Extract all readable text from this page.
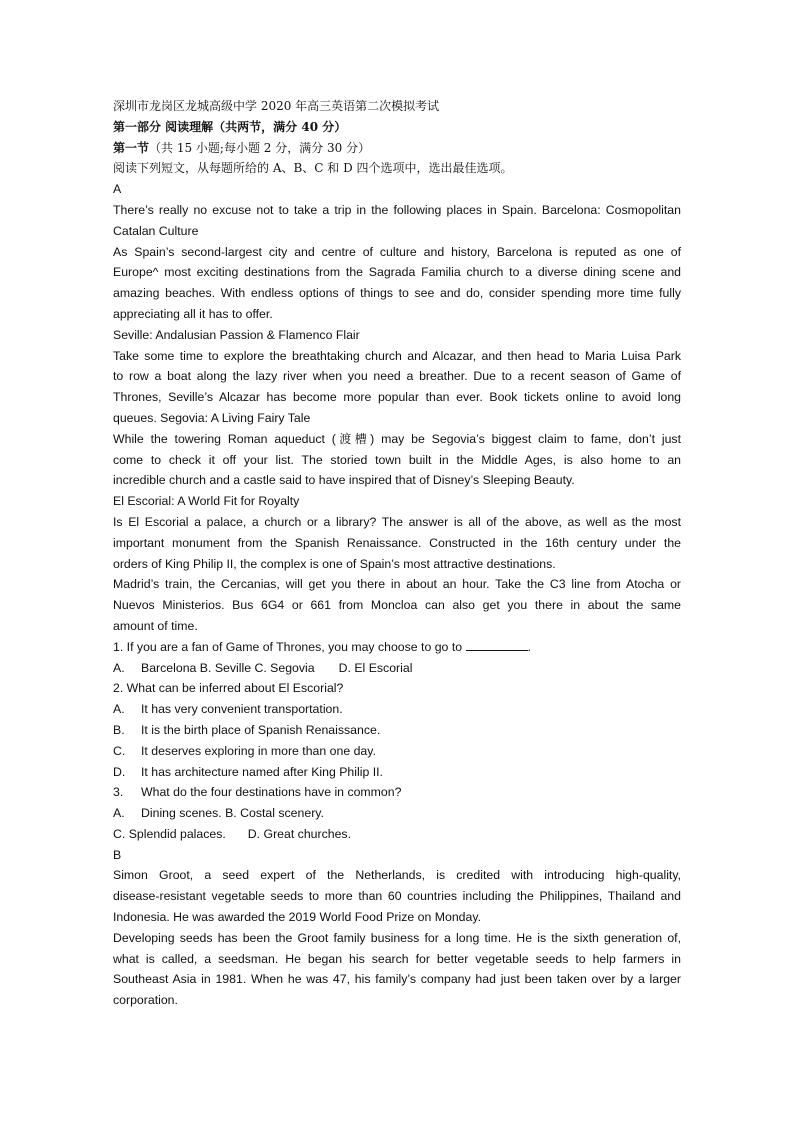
深圳市龙岗区龙城高级中学 2020 年高三英语第二次模拟考试
第一部分 阅读理解（共两节，满分 40 分）
第一节（共 15 小题;每小题 2 分，满分 30 分）
阅读下列短文，从每题所给的 A、B、C 和 D 四个选项中，选出最佳选项。
A
There’s really no excuse not to take a trip in the following places in Spain. Barcelona: Cosmopolitan
Catalan Culture
As Spain’s second-largest city and centre of culture and history, Barcelona is reputed as one of
Europe^ most exciting destinations from the Sagrada Familia church to a diverse dining scene and
amazing beaches. With endless options of things to see and do, consider spending more time fully
appreciating all it has to offer.
Seville: Andalusian Passion & Flamenco Flair
Take some time to explore the breathtaking church and Alcazar, and then head to Maria Luisa Park
to row a boat along the lazy river when you need a breather. Due to a recent season of Game of
Thrones, Seville’s Alcazar has become more popular than ever. Book tickets online to avoid long
queues. Segovia: A Living Fairy Tale
While the towering Roman aqueduct (渡槽) may be Segovia’s biggest claim to fame, don’t just
come to check it off your list. The storied town built in the Middle Ages, is also home to an
incredible church and a castle said to have inspired that of Disney’s Sleeping Beauty.
El Escorial: A World Fit for Royalty
Is El Escorial a palace, a church or a library? The answer is all of the above, as well as the most
important monument from the Spanish Renaissance. Constructed in the 16th century under the
orders of King Philip II, the complex is one of Spain’s most attractive destinations.
Madrid’s train, the Cercanias, will get you there in about an hour. Take the C3 line from Atocha or
Nuevos Ministerios. Bus 6G4 or 661 from Moncloa can also get you there in about the same
amount of time.
1. If you are a fan of Game of Thrones, you may choose to go to	.
A. Barcelona B. Seville C. Segovia D. El Escorial
2. What can be inferred about El Escorial?
A. It has very convenient transportation.
B. It is the birth place of Spanish Renaissance.
C. It deserves exploring in more than one day.
D. It has architecture named after King Philip II.
3. What do the four destinations have in common?
A. Dining scenes. B. Costal scenery.
C. Splendid palaces. D. Great churches.
B
Simon Groot, a seed expert of the Netherlands, is credited with introducing high-quality,
disease-resistant vegetable seeds to more than 60 countries including the Philippines, Thailand and
Indonesia. He was awarded the 2019 World Food Prize on Monday.
Developing seeds has been the Groot family business for a long time. He is the sixth generation of,
what is called, a seedsman. He began his search for better vegetable seeds to help farmers in
Southeast Asia in 1981. When he was 47, his family’s company had just been taken over by a larger
corporation.
